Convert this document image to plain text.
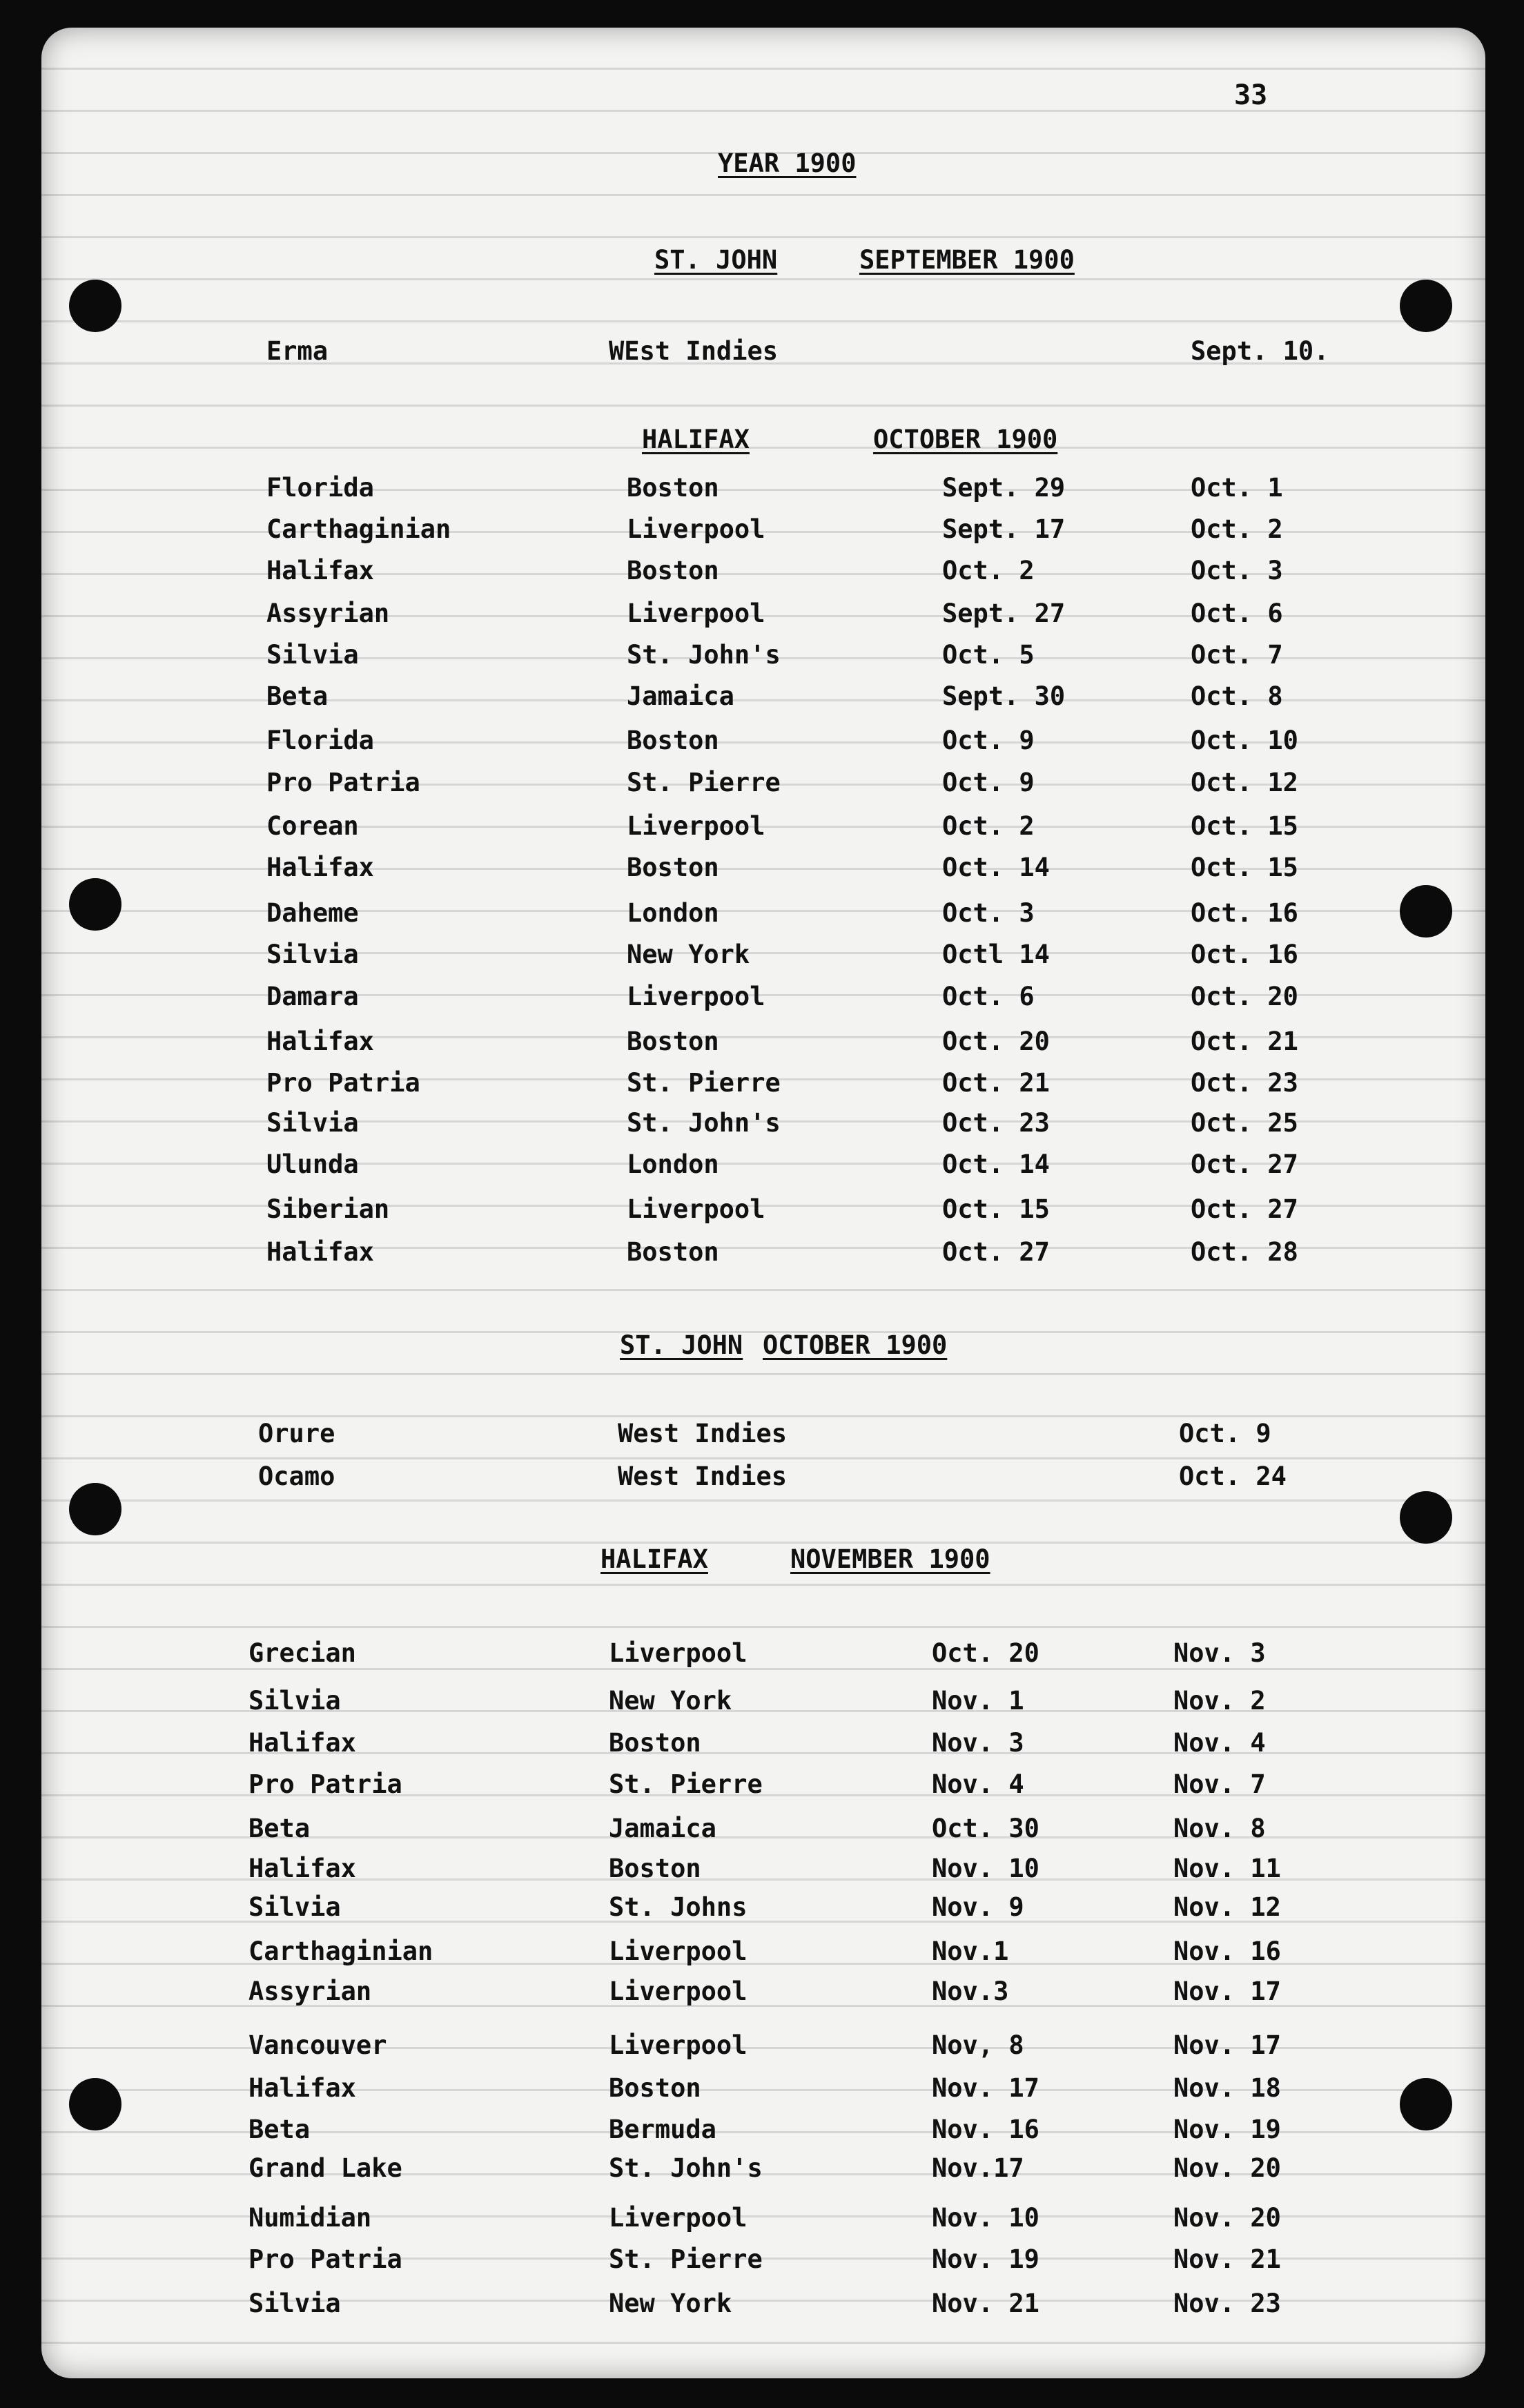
33
YEAR 1900
ST. JOHN	SEPTEMBER 1900
Erma	WEst Indies	Sept. 10.
HALIFAX	OCTOBER 1900
Florida	Boston	Sept. 29	Oct. 1
Carthaginian	Liverpool	Sept. 17	Oct. 2
Halifax	Boston	Oct. 2	Oct. 3
Assyrian	Liverpool	Sept. 27	Oct. 6
Silvia	St. John's	Oct. 5	Oct. 7
Beta	Jamaica	Sept. 30	Oct. 8
Florida	Boston	Oct. 9	Oct. 10
Pro Patria	St. Pierre	Oct. 9	Oct. 12
Corean	Liverpool	Oct. 2	Oct. 15
Halifax	Boston	Oct. 14	Oct. 15
Daheme	London	Oct. 3	Oct. 16
Silvia	New York	Octl 14	Oct. 16
Damara	Liverpool	Oct. 6	Oct. 20
Halifax	Boston	Oct. 20	Oct. 21
Pro Patria	St. Pierre	Oct. 21	Oct. 23
Silvia	St. John's	Oct. 23	Oct. 25
Ulunda	London	Oct. 14	Oct. 27
Siberian	Liverpool	Oct. 15	Oct. 27
Halifax	Boston	Oct. 27	Oct. 28
ST. JOHN OCTOBER 1900
Orure	West Indies	Oct. 9
Ocamo	West Indies	Oct. 24
HALIFAX	NOVEMBER 1900
Grecian	Liverpool	Oct. 20	Nov. 3
Silvia	New York	Nov. 1	Nov. 2
Halifax	Boston	Nov. 3	Nov. 4
Pro Patria	St. Pierre	Nov. 4	Nov. 7
Beta	Jamaica	Oct. 30	Nov. 8
Halifax	Boston	Nov. 10	Nov. 11
Silvia	St. Johns	Nov. 9	Nov. 12
Carthaginian	Liverpool	Nov.1	Nov. 16
Assyrian	Liverpool	Nov.3	Nov. 17
Vancouver	Liverpool	Nov, 8	Nov. 17
Halifax	Boston	Nov. 17	Nov. 18
Beta	Bermuda	Nov. 16	Nov. 19
Grand Lake	St. John's	Nov.17	Nov. 20
Numidian	Liverpool	Nov. 10	Nov. 20
Pro Patria	St. Pierre	Nov. 19	Nov. 21
Silvia	New York	Nov. 21	Nov. 23
